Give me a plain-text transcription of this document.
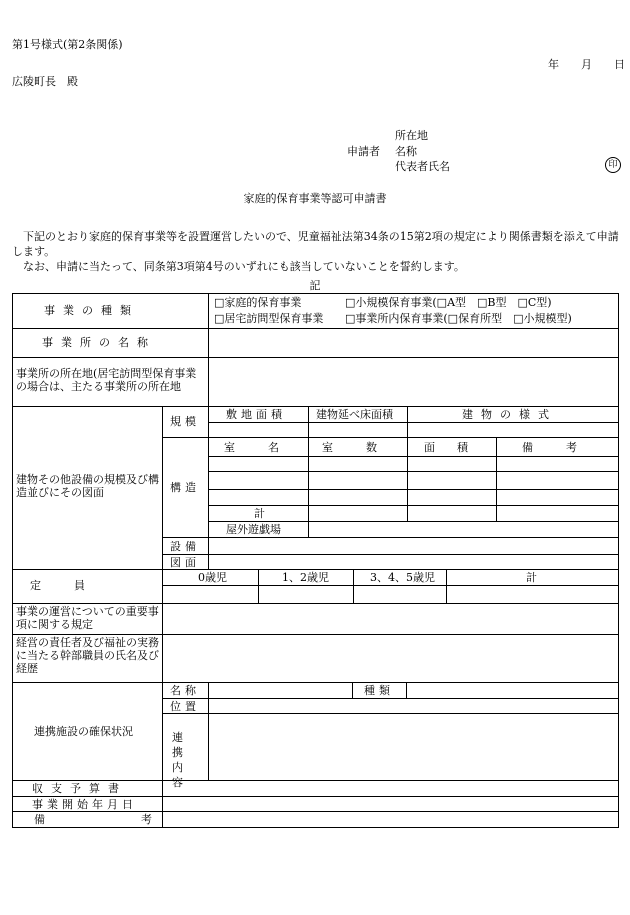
第1号様式(第2条関係)
年　　月　　日
広陵町長　殿
申請者
所在地
名称
代表者氏名	印
家庭的保育事業等認可申請書
下記のとおり家庭的保育事業等を設置運営したいので、児童福祉法第34条の15第2項の規定により関係書類を添えて申請します。
なお、申請に当たって、同条第3項第4号のいずれにも該当していないことを誓約します。
記
事業の種類
□家庭的保育事業	□小規模保育事業(□A型　□B型　□C型)
□居宅訪問型保育事業 □事業所内保育事業(□保育所型　□小規模型)
事業所の名称
事業所の所在地(居宅訪問型保育事業の場合は、主たる事業所の所在地
建物その他設備の規模及び構造並びにその図面
規模
敷地面積	建物延べ床面積	建物の様式
構造
室　　　名	室　　　数	面　　積	備　　　考
計
屋外遊戯場
設備
図面
定　　　員
0歳児	1、2歳児	3、4、5歳児	計
事業の運営についての重要事項に関する規定
経営の責任者及び福祉の実務に当たる幹部職員の氏名及び経歴
連携施設の確保状況
名称	種類
位置
連携内容
収支予算書
事業開始年月日
備考
